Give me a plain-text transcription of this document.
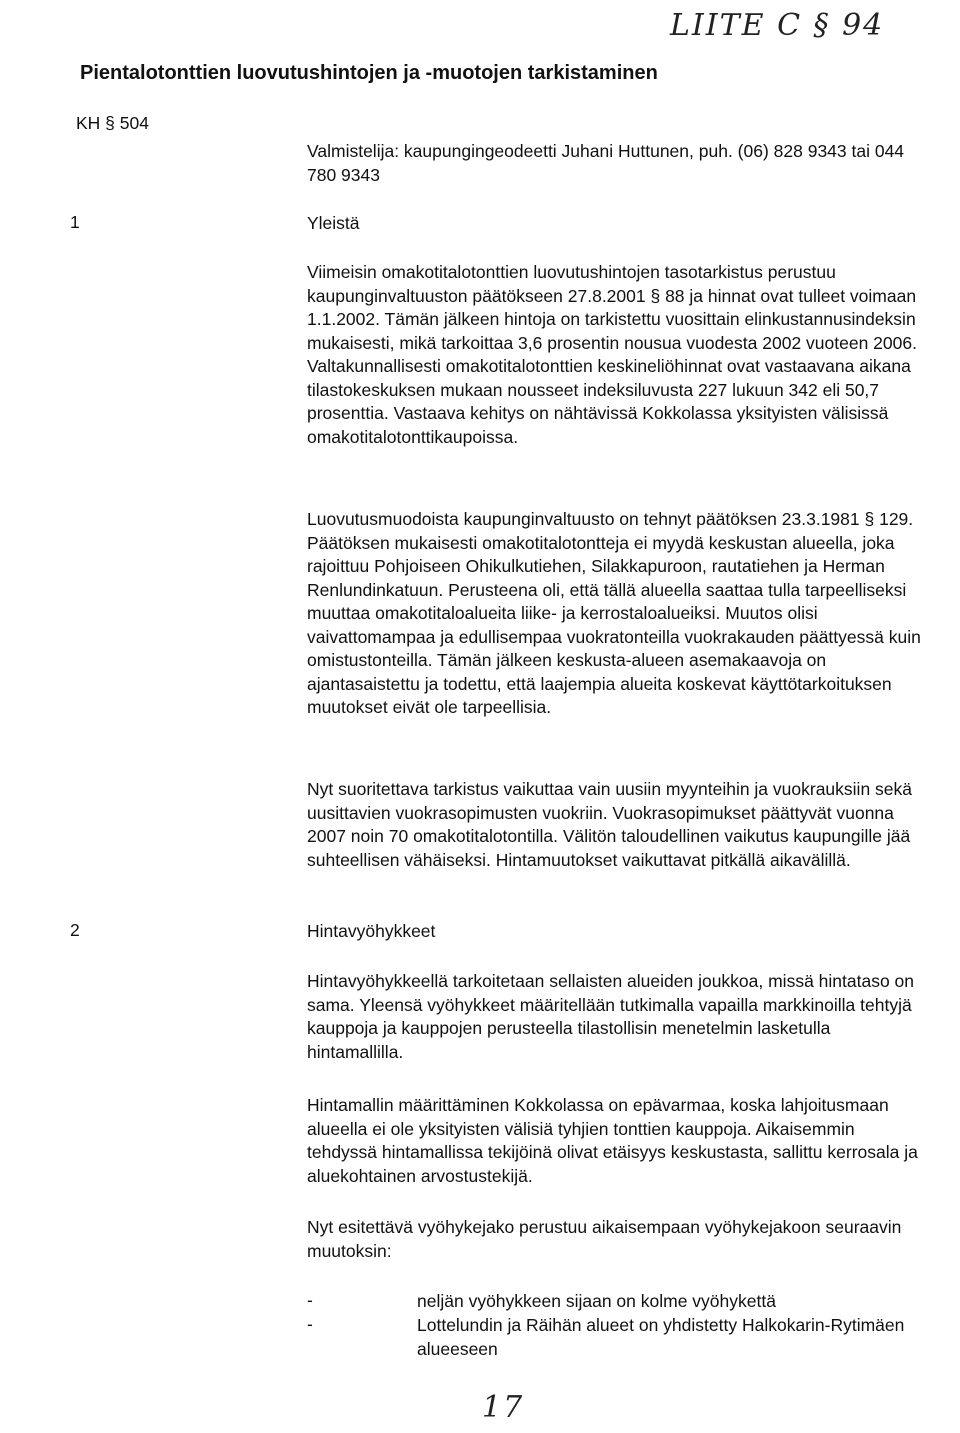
LIITE C § 94
Pientalotonttien luovutushintojen ja -muotojen tarkistaminen
KH § 504

Valmistelija: kaupungingeodeetti Juhani Huttunen, puh. (06) 828 9343 tai 044 780 9343

1	Yleistä

Viimeisin omakotitalotonttien luovutushintojen tasotarkistus perustuu kaupunginvaltuuston päätökseen 27.8.2001 § 88 ja hinnat ovat tulleet voimaan 1.1.2002. Tämän jälkeen hintoja on tarkistettu vuosittain elinkustannusindeksin mukaisesti, mikä tarkoittaa 3,6 prosentin nousua vuodesta 2002 vuoteen 2006. Valtakunnallisesti omakotitalotonttien keskineliöhinnat ovat vastaavana aikana tilastokeskuksen mukaan nousseet indeksiluvusta 227 lukuun 342 eli 50,7 prosenttia. Vastaava kehitys on nähtävissä Kokkolassa yksityisten välisissä omakotitalotonttikaupoissa.

Luovutusmuodoista kaupunginvaltuusto on tehnyt päätöksen 23.3.1981 § 129. Päätöksen mukaisesti omakotitalotontteja ei myydä keskustan alueella, joka rajoittuu Pohjoiseen Ohikulkutiehen, Silakkapuroon, rautatiehen ja Herman Renlundinkatuun. Perusteena oli, että tällä alueella saattaa tulla tarpeelliseksi muuttaa omakotitaloalueita liike- ja kerrostaloalueiksi. Muutos olisi vaivattomampaa ja edullisempaa vuokratonteilla vuokrakauden päättyessä kuin omistustonteilla. Tämän jälkeen keskusta-alueen asemakaavoja on ajantasaistettu ja todettu, että laajempia alueita koskevat käyttötarkoituksen muutokset eivät ole tarpeellisia.

Nyt suoritettava tarkistus vaikuttaa vain uusiin myynteihin ja vuokrauksiin sekä uusittavien vuokrasopimusten vuokriin. Vuokrasopimukset päättyvät vuonna 2007 noin 70 omakotitalotontilla. Välitön taloudellinen vaikutus kaupungille jää suhteellisen vähäiseksi. Hintamuutokset vaikuttavat pitkällä aikavälillä.

2	Hintavyöhykkeet

Hintavyöhykkeellä tarkoitetaan sellaisten alueiden joukkoa, missä hintataso on sama. Yleensä vyöhykkeet määritellään tutkimalla vapailla markkinoilla tehtyjä kauppoja ja kauppojen perusteella tilastollisin menetelmin lasketulla hintamallilla.

Hintamallin määrittäminen Kokkolassa on epävarmaa, koska lahjoitusmaan alueella ei ole yksityisten välisiä tyhjien tonttien kauppoja. Aikaisemmin tehdyssä hintamallissa tekijöinä olivat etäisyys keskustasta, sallittu kerrosala ja aluekohtainen arvostustekijä.

Nyt esitettävä vyöhykejako perustuu aikaisempaan vyöhykejakoon seuraavin muutoksin:

-	neljän vyöhykkeen sijaan on kolme vyöhykettä

-	Lottelundin ja Räihän alueet on yhdistetty Halkokarin-Rytimäen alueeseen

17
